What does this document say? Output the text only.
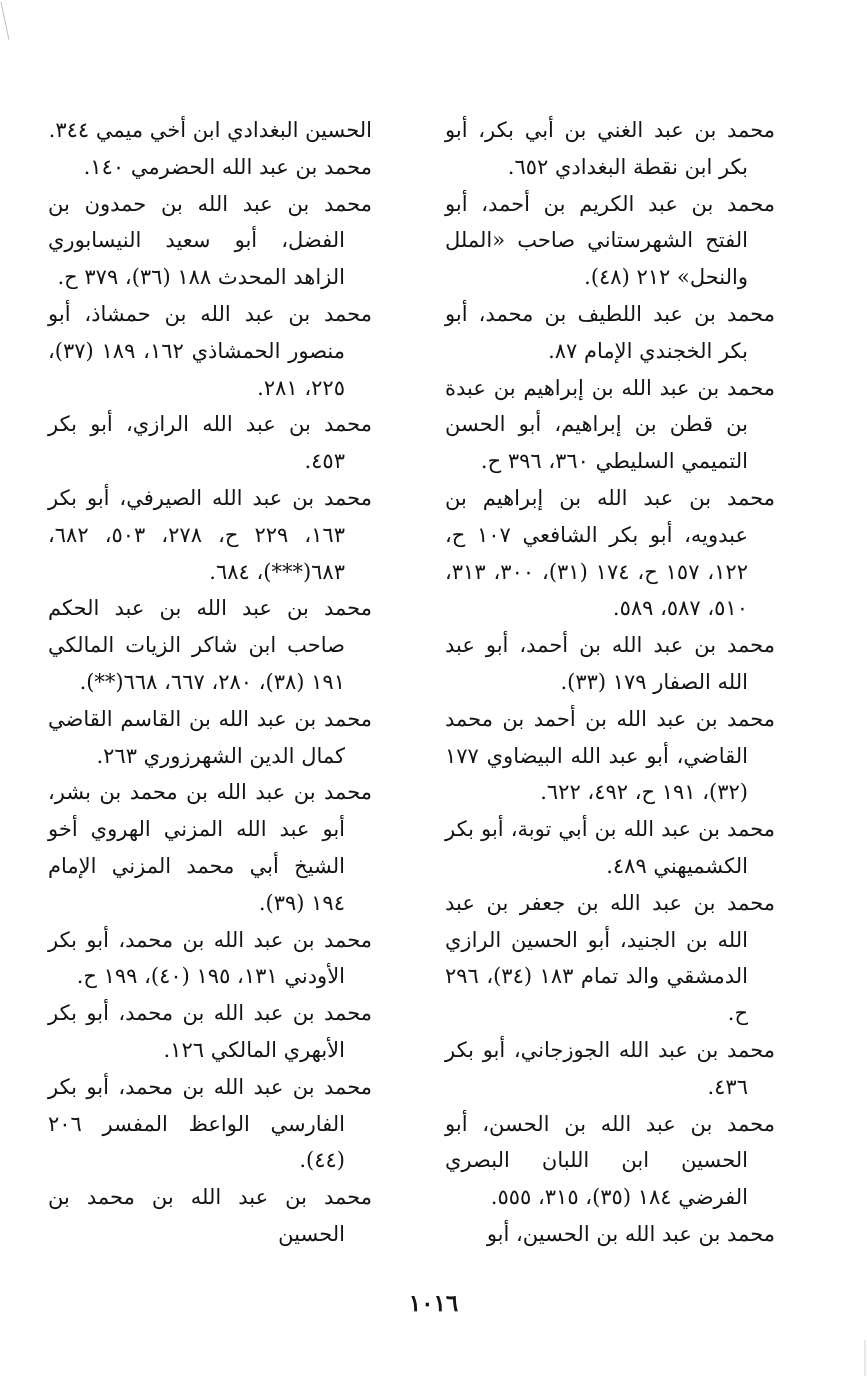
محمد بن عبد الغني بن أبي بكر، أبو بكر ابن نقطة البغدادي ٦٥٢.

محمد بن عبد الكريم بن أحمد، أبو الفتح الشهرستاني صاحب «الملل والنحل» ٢١٢ (٤٨).

محمد بن عبد اللطيف بن محمد، أبو بكر الخجندي الإمام ٨٧.

محمد بن عبد الله بن إبراهيم بن عبدة بن قطن بن إبراهيم، أبو الحسن التميمي السليطي ٣٦٠، ٣٩٦ ح.

محمد بن عبد الله بن إبراهيم بن عبدويه، أبو بكر الشافعي ١٠٧ ح، ١٢٢، ١٥٧ ح، ١٧٤ (٣١)، ٣٠٠، ٣١٣، ٥١٠، ٥٨٧، ٥٨٩.

محمد بن عبد الله بن أحمد، أبو عبد الله الصفار ١٧٩ (٣٣).

محمد بن عبد الله بن أحمد بن محمد القاضي، أبو عبد الله البيضاوي ١٧٧ (٣٢)، ١٩١ ح، ٤٩٢، ٦٢٢.

محمد بن عبد الله بن أبي توبة، أبو بكر الكشميهني ٤٨٩.

محمد بن عبد الله بن جعفر بن عبد الله بن الجنيد، أبو الحسين الرازي الدمشقي والد تمام ١٨٣ (٣٤)، ٢٩٦ ح.

محمد بن عبد الله الجوزجاني، أبو بكر ٤٣٦.

محمد بن عبد الله بن الحسن، أبو الحسين ابن اللبان البصري الفرضي ١٨٤ (٣٥)، ٣١٥، ٥٥٥.

محمد بن عبد الله بن الحسين، أبو

الحسين البغدادي ابن أخي ميمي ٣٤٤.

محمد بن عبد الله الحضرمي ١٤٠.

محمد بن عبد الله بن حمدون بن الفضل، أبو سعيد النيسابوري الزاهد المحدث ١٨٨ (٣٦)، ٣٧٩ ح.

محمد بن عبد الله بن حمشاذ، أبو منصور الحمشاذي ١٦٢، ١٨٩ (٣٧)، ٢٢٥، ٢٨١.

محمد بن عبد الله الرازي، أبو بكر ٤٥٣.

محمد بن عبد الله الصيرفي، أبو بكر ١٦٣، ٢٢٩ ح، ٢٧٨، ٥٠٣، ٦٨٢، ٦٨٣(***)، ٦٨٤.

محمد بن عبد الله بن عبد الحكم صاحب ابن شاكر الزيات المالكي ١٩١ (٣٨)، ٢٨٠، ٦٦٧، ٦٦٨(**).

محمد بن عبد الله بن القاسم القاضي كمال الدين الشهرزوري ٢٦٣.

محمد بن عبد الله بن محمد بن بشر، أبو عبد الله المزني الهروي أخو الشيخ أبي محمد المزني الإمام ١٩٤ (٣٩).

محمد بن عبد الله بن محمد، أبو بكر الأودني ١٣١، ١٩٥ (٤٠)، ١٩٩ ح.

محمد بن عبد الله بن محمد، أبو بكر الأبهري المالكي ١٢٦.

محمد بن عبد الله بن محمد، أبو بكر الفارسي الواعظ المفسر ٢٠٦ (٤٤).

محمد بن عبد الله بن محمد بن الحسين

١٠١٦
